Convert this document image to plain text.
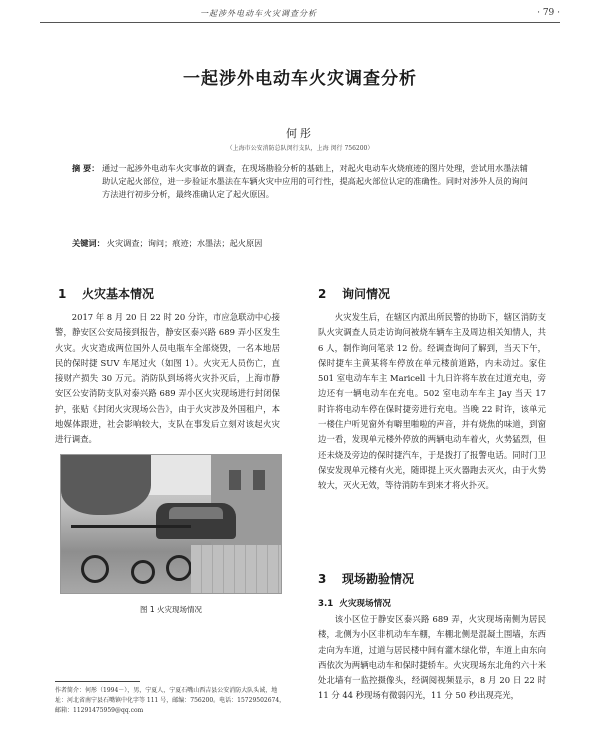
一起涉外电动车火灾调查分析	· 79 ·
一起涉外电动车火灾调查分析
何彤
（上海市公安消防总队闵行支队，上海 闵行 756200）
摘 要： 通过一起涉外电动车火灾事故的调查，在现场勘验分析的基础上，对起火电动车火烧痕迹的图片处理，尝试用水墨法辅助认定起火部位，进一步验证水墨法在车辆火灾中应用的可行性，提高起火部位认定的准确性。同时对涉外人员的询问方法进行初步分析，最终准确认定了起火原因。
关键词： 火灾调查；询问；痕迹；水墨法；起火原因
1 火灾基本情况

2017 年 8 月 20 日 22 时 20 分许，市应急联动中心接警，静安区公安局接到报告，静安区泰兴路 689 弄小区发生火灾。火灾造成两位国外人员电瓶车全部烧毁，一名本地居民的保时捷 SUV 车尾过火（如图 1）。火灾无人员伤亡，直接财产损失 30 万元。消防队到场将火灾扑灭后，上海市静安区公安消防支队对泰兴路 689 弄小区火灾现场进行封闭保护，张贴《封闭火灾现场公告》，由于火灾涉及外国租户，本地媒体跟进，社会影响较大，支队在事发后立刻对该起火灾进行调查。

图 1 火灾现场情况
2 询问情况

火灾发生后，在辖区内派出所民警的协助下，辖区消防支队火灾调查人员走访询问被烧车辆车主及周边相关知情人，共 6 人，制作询问笔录 12 份。经调查询问了解到，当天下午，保时捷车主黄某将车停放在单元楼前道路，内未动过。家住 501 室电动车车主 Maricell 十九日许将车放在过道充电，旁边还有一辆电动车在充电。502 室电动车车主 Jay 当天 17 时许将电动车停在保时捷旁进行充电。当晚 22 时许，该单元一楼住户听见窗外有噼里啪啦的声音，并有烧焦的味道，到窗边一看，发现单元楼外停放的两辆电动车着火，火势猛烈，但还未烧及旁边的保时捷汽车，于是拨打了报警电话。同时门卫保安发现单元楼有火光，随即提上灭火器跑去灭火，由于火势较大，灭火无效，等待消防车到来才将火扑灭。

3 现场勘验情况
3.1 火灾现场情况

该小区位于静安区泰兴路 689 弄，火灾现场南侧为居民楼，北侧为小区非机动车车棚，车棚北侧是混凝土围墙，东西走向为车道，过道与居民楼中间有灌木绿化带，车道上由东向西依次为两辆电动车和保时捷轿车。火灾现场东北角约六十米处北墙有一监控摄像头，经调阅视频显示，8 月 20 日 22 时 11 分 44 秒现场有微弱闪光，11 分 50 秒出现亮光，

作者简介：何彤（1994－），男，宁夏人，宁夏石嘴山西吉县公安消防大队头诚，地址：河北省南宁县石嘴镇中化字等 111 号，邮编：756200。电话：15729502674，邮箱：11291475959@qq.com
